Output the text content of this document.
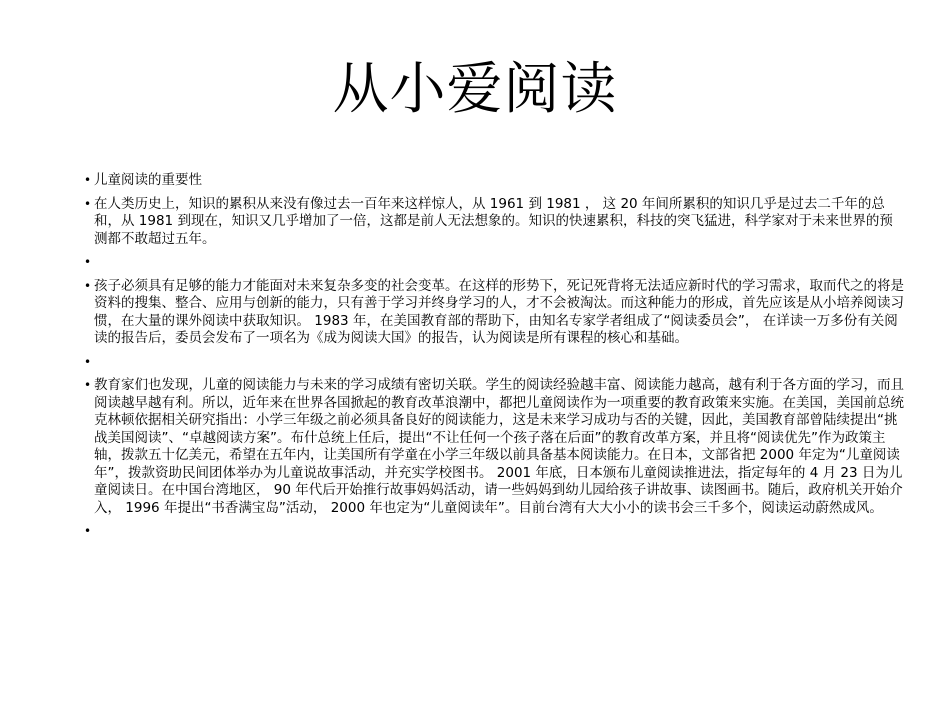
从小爱阅读
• 儿童阅读的重要性
• 在人类历史上，知识的累积从来没有像过去一百年来这样惊人，从 1961 到 1981 ， 这 20 年间所累积的知识几乎是过去二千年的总和，从 1981 到现在，知识又几乎增加了一倍，这都是前人无法想象的。知识的快速累积，科技的突飞猛进，科学家对于未来世界的预测都不敢超过五年。
•
• 孩子必须具有足够的能力才能面对未来复杂多变的社会变革。在这样的形势下，死记死背将无法适应新时代的学习需求，取而代之的将是资料的搜集、整合、应用与创新的能力，只有善于学习并终身学习的人，才不会被淘汰。而这种能力的形成，首先应该是从小培养阅读习惯，在大量的课外阅读中获取知识。 1983 年，在美国教育部的帮助下，由知名专家学者组成了“阅读委员会”， 在详读一万多份有关阅读的报告后，委员会发布了一项名为《成为阅读大国》的报告，认为阅读是所有课程的核心和基础。
•
• 教育家们也发现，儿童的阅读能力与未来的学习成绩有密切关联。学生的阅读经验越丰富、阅读能力越高，越有利于各方面的学习，而且阅读越早越有利。所以，近年来在世界各国掀起的教育改革浪潮中，都把儿童阅读作为一项重要的教育政策来实施。在美国，美国前总统克林顿依据相关研究指出：小学三年级之前必须具备良好的阅读能力，这是未来学习成功与否的关键，因此，美国教育部曾陆续提出“挑战美国阅读”、“卓越阅读方案”。布什总统上任后，提出“不让任何一个孩子落在后面”的教育改革方案，并且将“阅读优先”作为政策主轴，拨款五十亿美元，希望在五年内，让美国所有学童在小学三年级以前具备基本阅读能力。在日本，文部省把 2000 年定为“儿童阅读年”，拨款资助民间团体举办为儿童说故事活动，并充实学校图书。 2001 年底，日本颁布儿童阅读推进法，指定每年的 4 月 23 日为儿童阅读日。在中国台湾地区， 90 年代后开始推行故事妈妈活动，请一些妈妈到幼儿园给孩子讲故事、读图画书。随后，政府机关开始介入， 1996 年提出“书香满宝岛”活动， 2000 年也定为“儿童阅读年”。目前台湾有大大小小的读书会三千多个，阅读运动蔚然成风。
•
